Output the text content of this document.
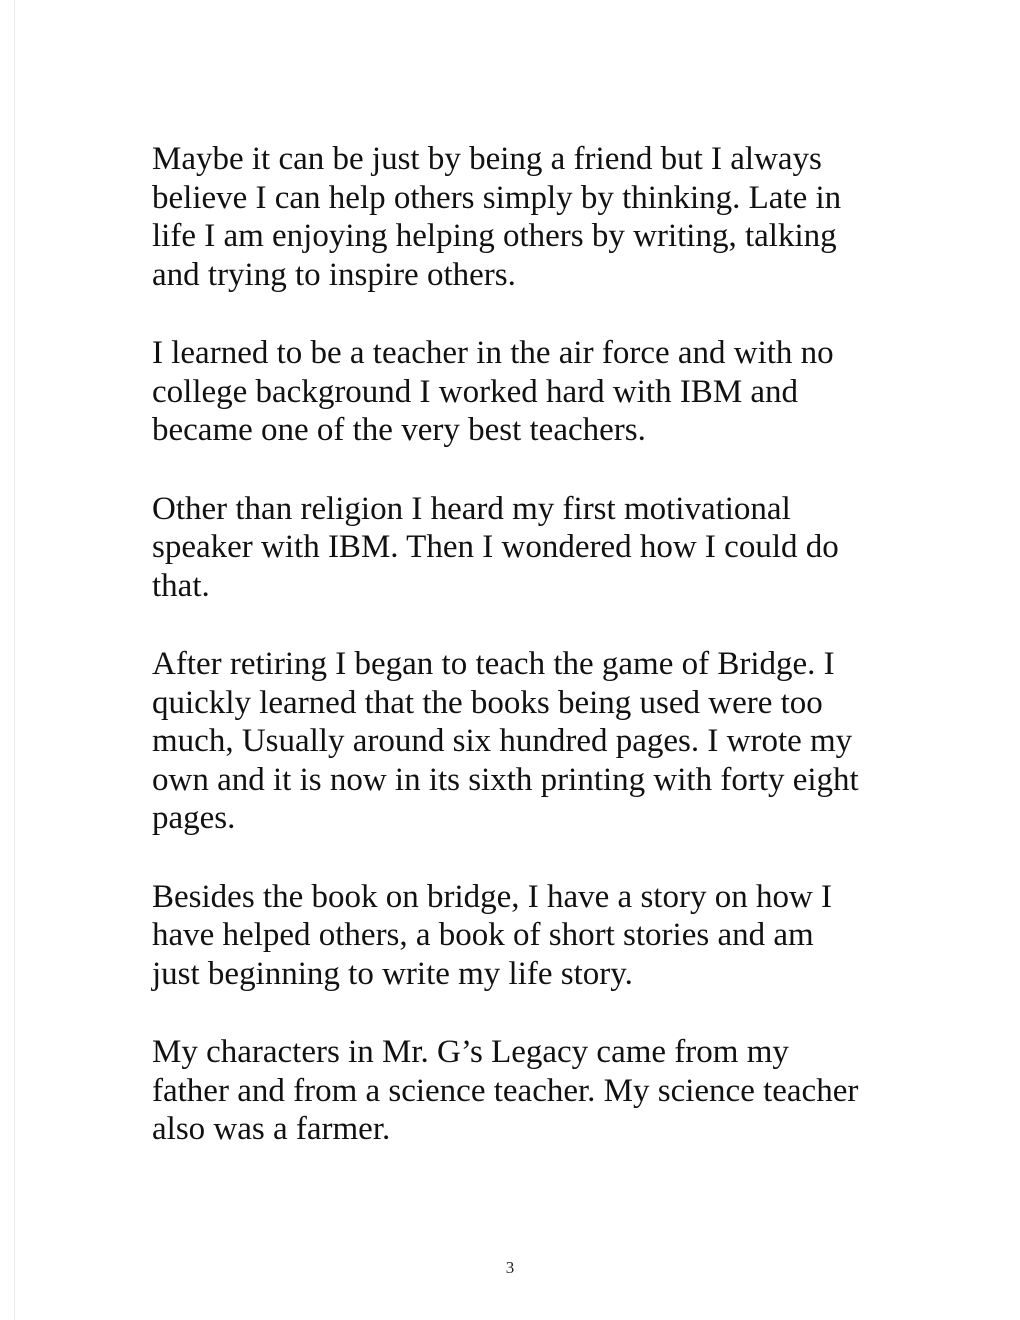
Maybe it can be just by being a friend but I always
believe I can help others simply by thinking. Late in
life I am enjoying helping others by writing, talking
and trying to inspire others.

I learned to be a teacher in the air force and with no
college background I worked hard with IBM and
became one of the very best teachers.

Other than religion I heard my first motivational
speaker with IBM. Then I wondered how I could do
that.

After retiring I began to teach the game of Bridge. I
quickly learned that the books being used were too
much, Usually around six hundred pages. I wrote my
own and it is now in its sixth printing with forty eight
pages.

Besides the book on bridge, I have a story on how I
have helped others, a book of short stories and am
just beginning to write my life story.

My characters in Mr. G’s Legacy came from my
father and from a science teacher. My science teacher
also was a farmer.

3
